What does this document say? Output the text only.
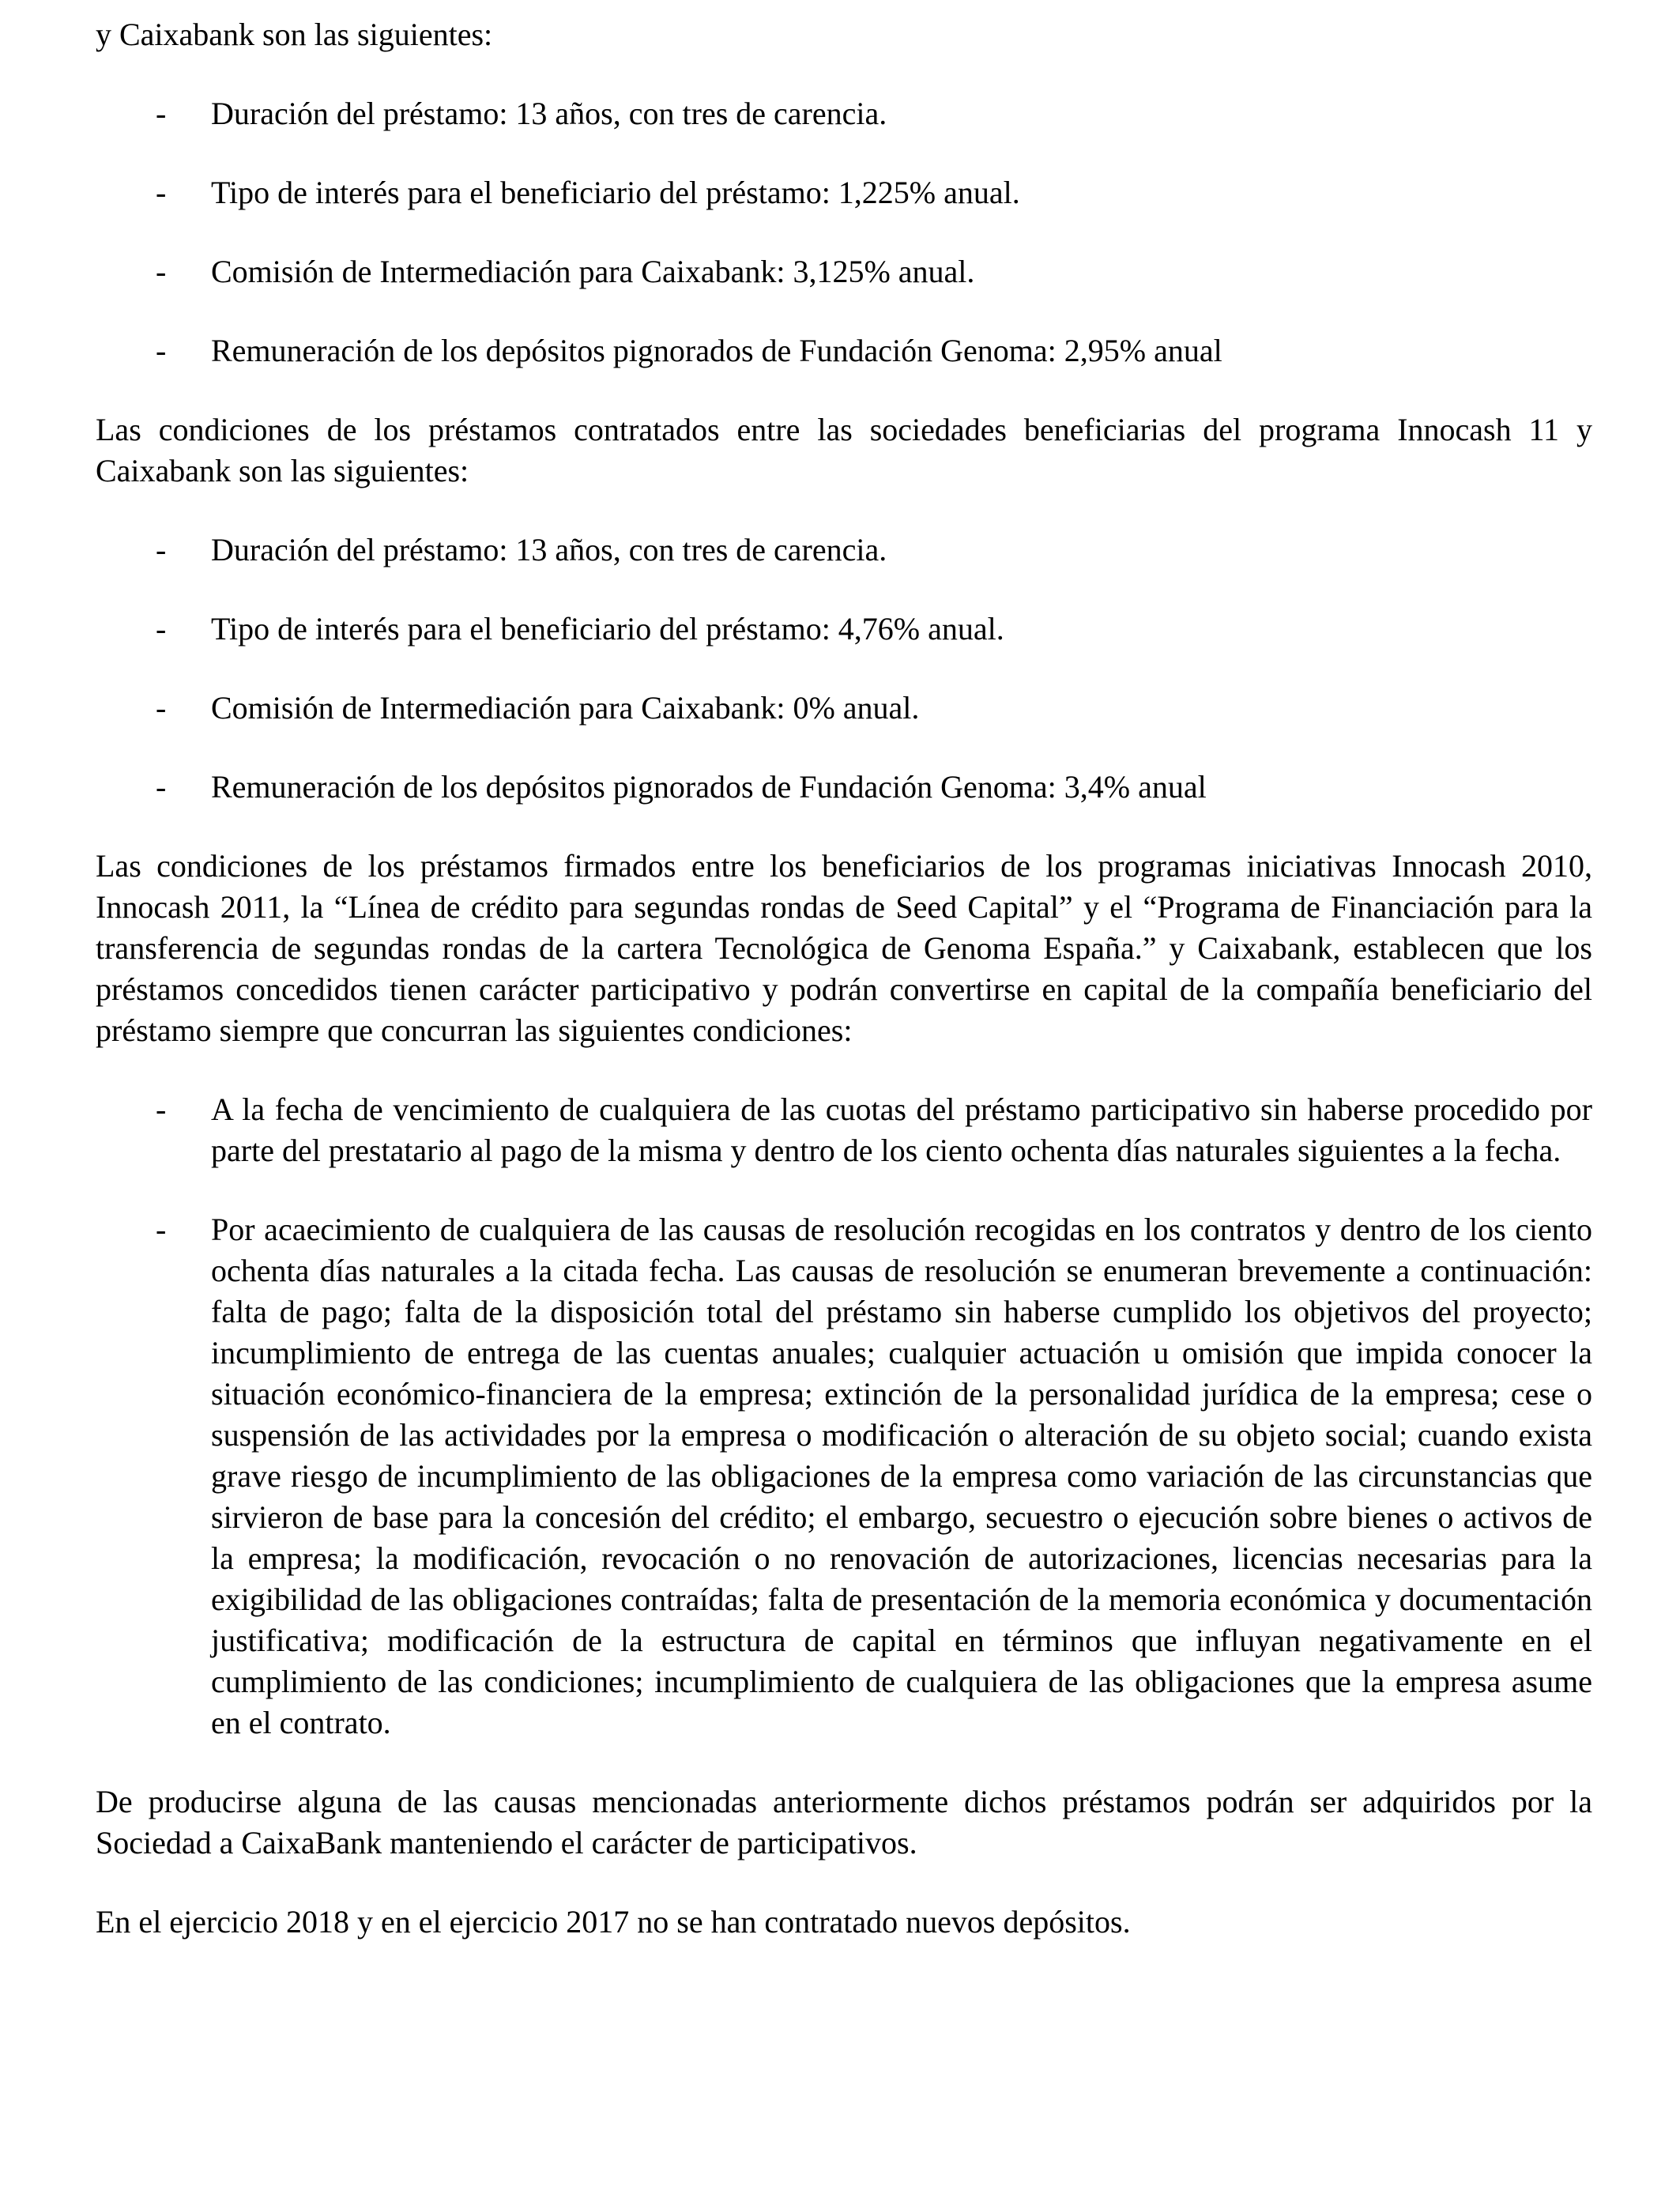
y Caixabank son las siguientes:

- Duración del préstamo: 13 años, con tres de carencia.
- Tipo de interés para el beneficiario del préstamo: 1,225% anual.
- Comisión de Intermediación para Caixabank: 3,125% anual.
- Remuneración de los depósitos pignorados de Fundación Genoma: 2,95% anual

Las condiciones de los préstamos contratados entre las sociedades beneficiarias del programa Innocash 11 y Caixabank son las siguientes:

- Duración del préstamo: 13 años, con tres de carencia.
- Tipo de interés para el beneficiario del préstamo: 4,76% anual.
- Comisión de Intermediación para Caixabank: 0% anual.
- Remuneración de los depósitos pignorados de Fundación Genoma: 3,4% anual

Las condiciones de los préstamos firmados entre los beneficiarios de los programas iniciativas Innocash 2010, Innocash 2011, la “Línea de crédito para segundas rondas de Seed Capital” y el “Programa de Financiación para la transferencia de segundas rondas de la cartera Tecnológica de Genoma España.” y Caixabank, establecen que los préstamos concedidos tienen carácter participativo y podrán convertirse en capital de la compañía beneficiario del préstamo siempre que concurran las siguientes condiciones:

- A la fecha de vencimiento de cualquiera de las cuotas del préstamo participativo sin haberse procedido por parte del prestatario al pago de la misma y dentro de los ciento ochenta días naturales siguientes a la fecha.
- Por acaecimiento de cualquiera de las causas de resolución recogidas en los contratos y dentro de los ciento ochenta días naturales a la citada fecha. Las causas de resolución se enumeran brevemente a continuación: falta de pago; falta de la disposición total del préstamo sin haberse cumplido los objetivos del proyecto; incumplimiento de entrega de las cuentas anuales; cualquier actuación u omisión que impida conocer la situación económico-financiera de la empresa; extinción de la personalidad jurídica de la empresa; cese o suspensión de las actividades por la empresa o modificación o alteración de su objeto social; cuando exista grave riesgo de incumplimiento de las obligaciones de la empresa como variación de las circunstancias que sirvieron de base para la concesión del crédito; el embargo, secuestro o ejecución sobre bienes o activos de la empresa; la modificación, revocación o no renovación de autorizaciones, licencias necesarias para la exigibilidad de las obligaciones contraídas; falta de presentación de la memoria económica y documentación justificativa; modificación de la estructura de capital en términos que influyan negativamente en el cumplimiento de las condiciones; incumplimiento de cualquiera de las obligaciones que la empresa asume en el contrato.

De producirse alguna de las causas mencionadas anteriormente dichos préstamos podrán ser adquiridos por la Sociedad a CaixaBank manteniendo el carácter de participativos.

En el ejercicio 2018 y en el ejercicio 2017 no se han contratado nuevos depósitos.
